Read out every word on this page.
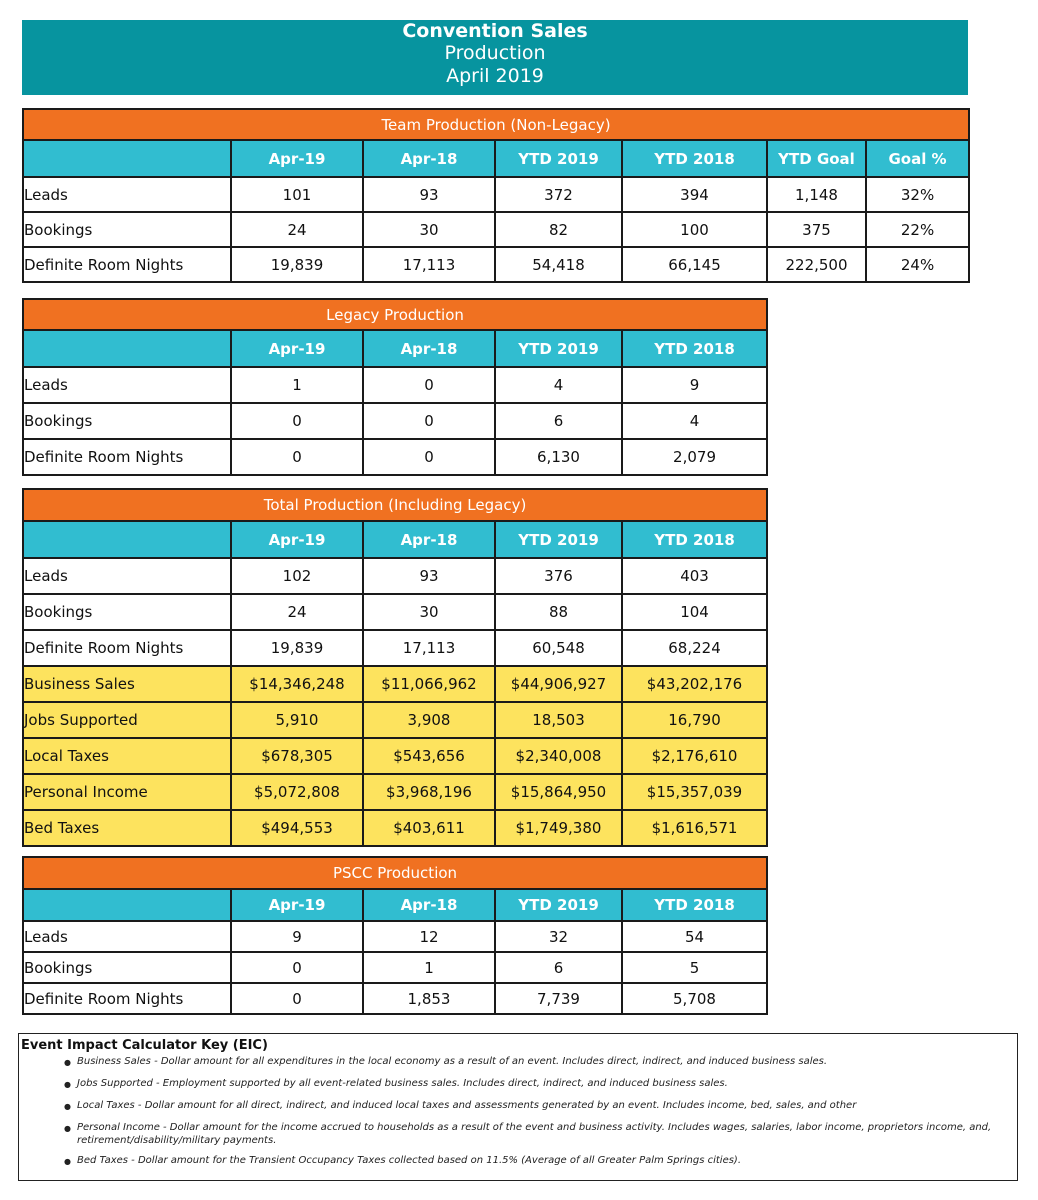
Convention Sales
Production
April 2019
Team Production (Non-Legacy)						
	Apr-19	Apr-18	YTD 2019	YTD 2018	YTD Goal	Goal %
Leads	101	93	372	394	1,148	32%
Bookings	24	30	82	100	375	22%
Definite Room Nights	19,839	17,113	54,418	66,145	222,500	24%
Legacy Production				
	Apr-19	Apr-18	YTD 2019	YTD 2018
Leads	1	0	4	9
Bookings	0	0	6	4
Definite Room Nights	0	0	6,130	2,079
Total Production (Including Legacy)				
	Apr-19	Apr-18	YTD 2019	YTD 2018
Leads	102	93	376	403
Bookings	24	30	88	104
Definite Room Nights	19,839	17,113	60,548	68,224
Business Sales	$14,346,248	$11,066,962	$44,906,927	$43,202,176
Jobs Supported	5,910	3,908	18,503	16,790
Local Taxes	$678,305	$543,656	$2,340,008	$2,176,610
Personal Income	$5,072,808	$3,968,196	$15,864,950	$15,357,039
Bed Taxes	$494,553	$403,611	$1,749,380	$1,616,571
PSCC Production				
	Apr-19	Apr-18	YTD 2019	YTD 2018
Leads	9	12	32	54
Bookings	0	1	6	5
Definite Room Nights	0	1,853	7,739	5,708
Event Impact Calculator Key (EIC)
● Business Sales - Dollar amount for all expenditures in the local economy as a result of an event. Includes direct, indirect, and induced business sales.
● Jobs Supported - Employment supported by all event-related business sales. Includes direct, indirect, and induced business sales.
● Local Taxes - Dollar amount for all direct, indirect, and induced local taxes and assessments generated by an event. Includes income, bed, sales, and other
● Personal Income - Dollar amount for the income accrued to households as a result of the event and business activity. Includes wages, salaries, labor income, proprietors income, and, retirement/disability/military payments.
● Bed Taxes - Dollar amount for the Transient Occupancy Taxes collected based on 11.5% (Average of all Greater Palm Springs cities).
